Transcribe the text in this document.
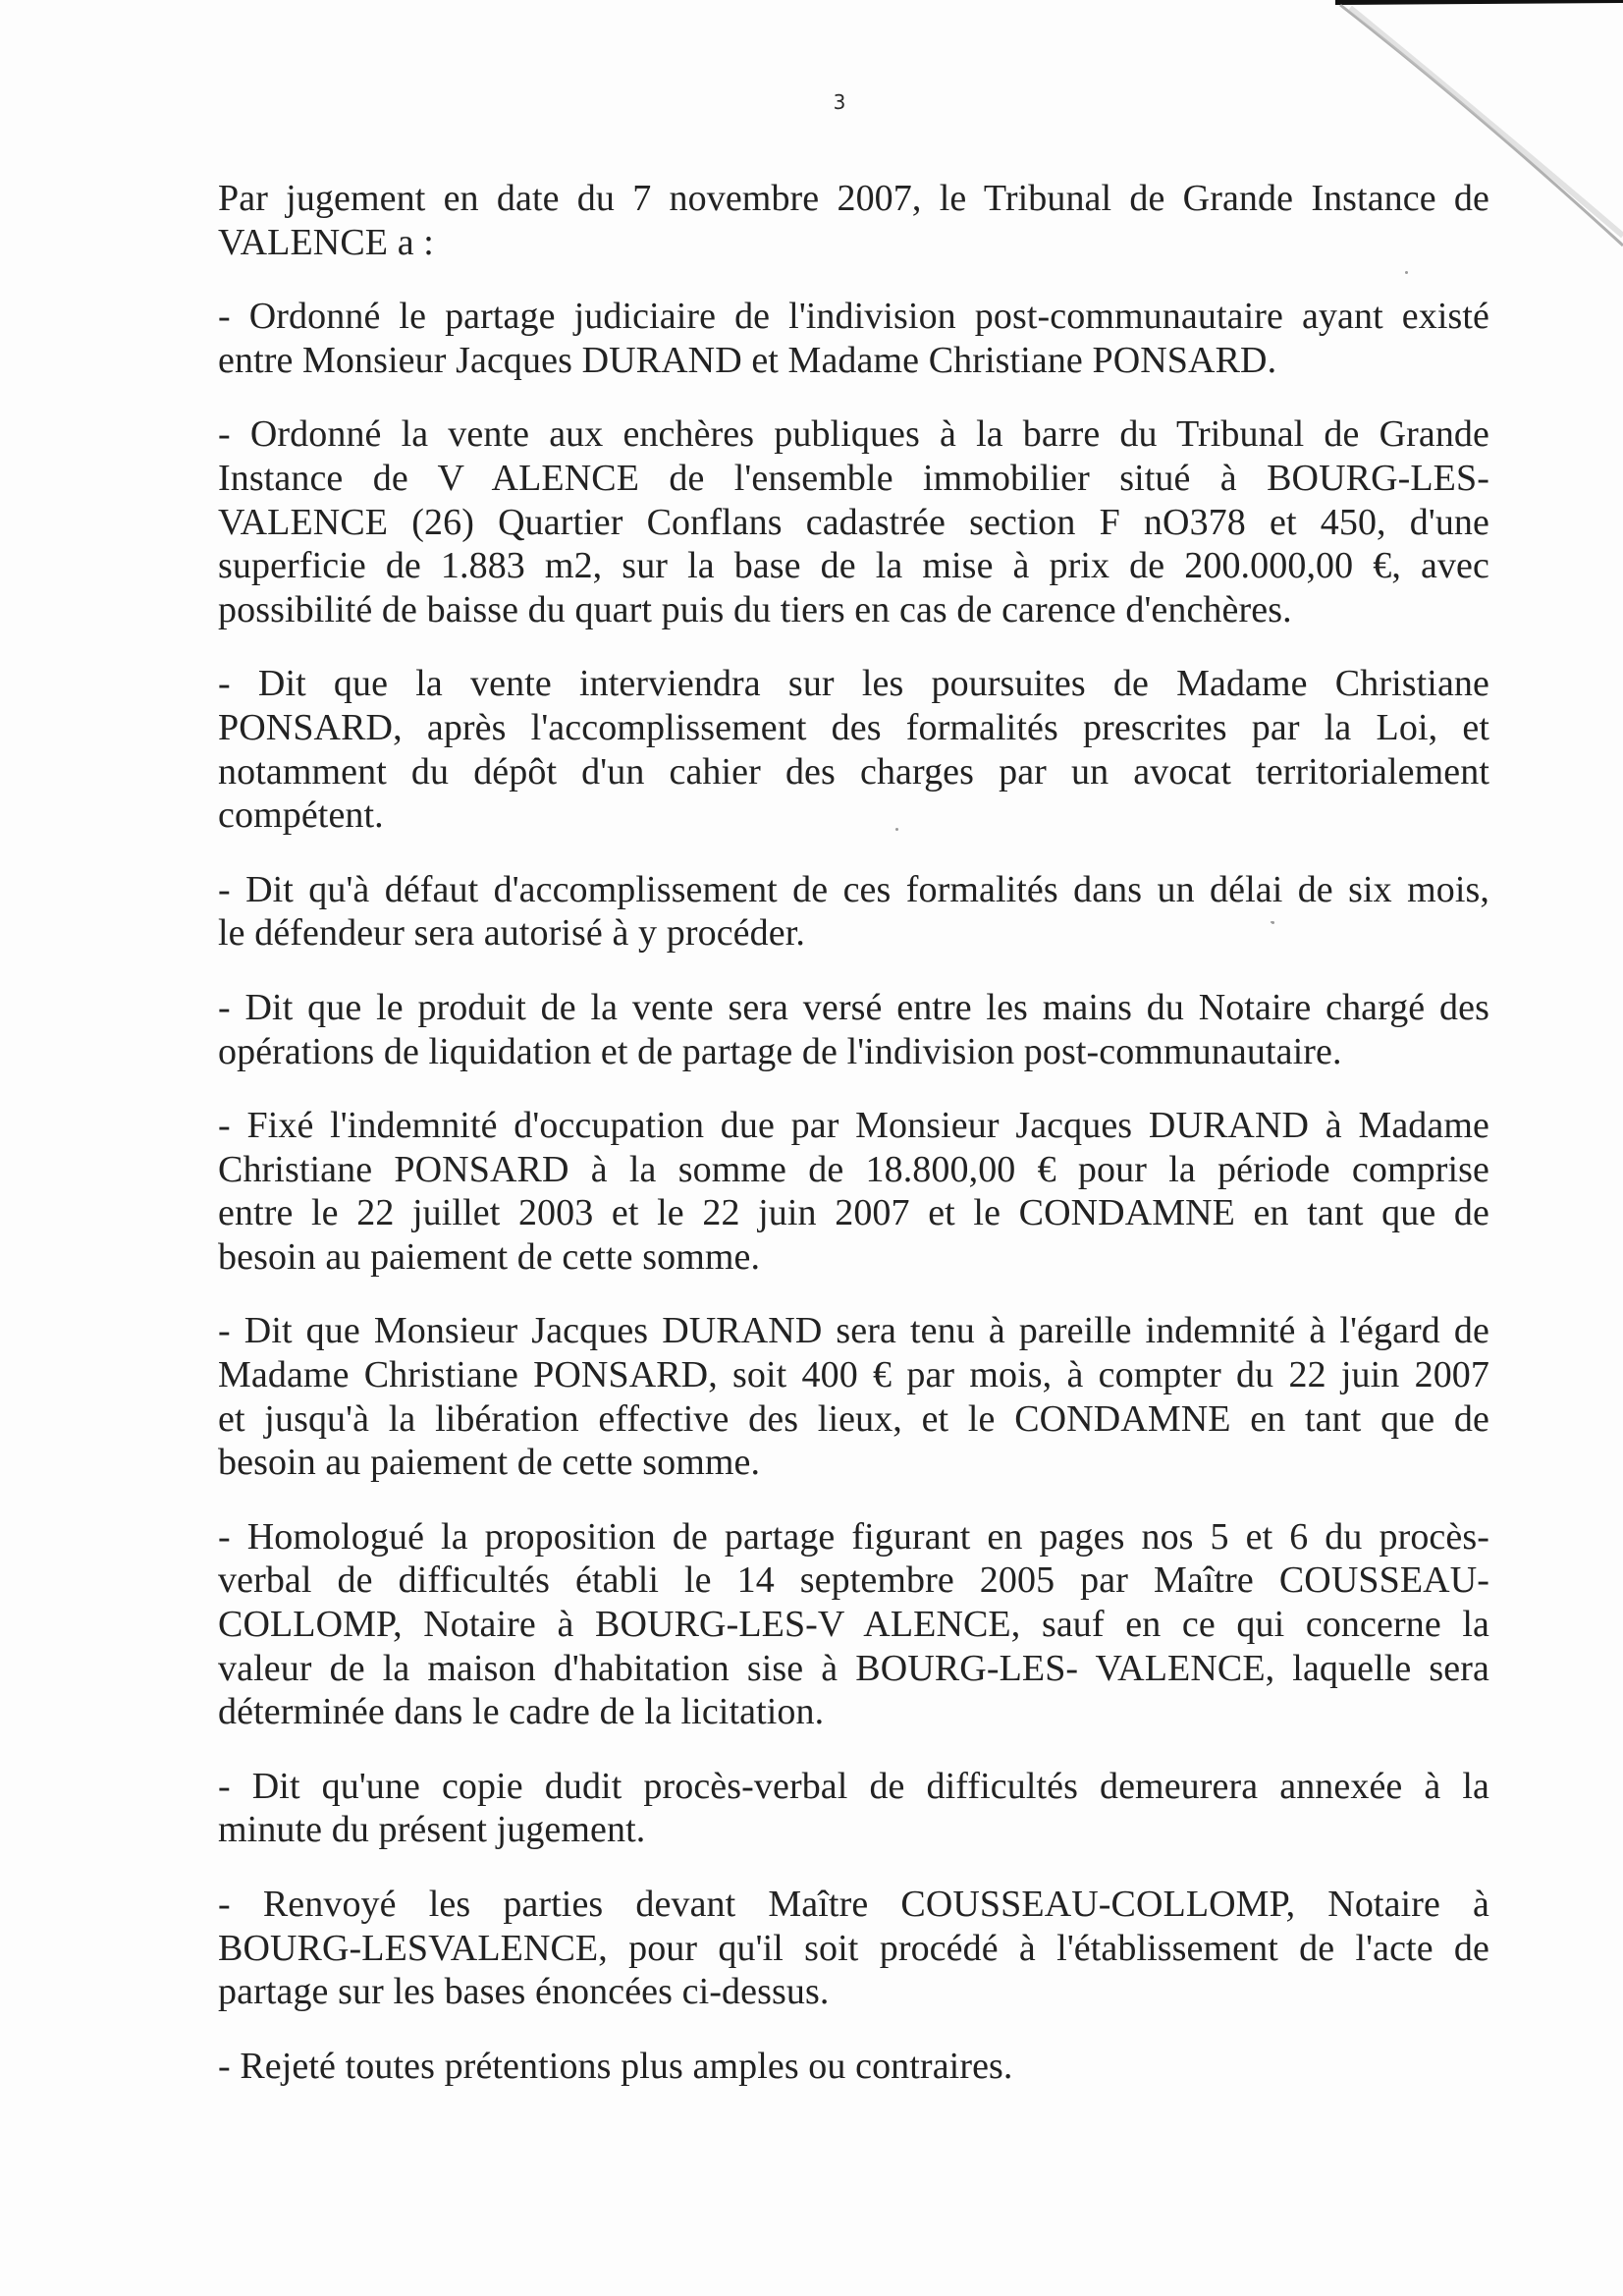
3
Par jugement en date du 7 novembre 2007, le Tribunal de Grande Instance de
VALENCE a :
- Ordonné le partage judiciaire de l'indivision post-communautaire ayant existé
entre Monsieur Jacques DURAND et Madame Christiane PONSARD.
- Ordonné la vente aux enchères publiques à la barre du Tribunal de Grande
Instance de V ALENCE de l'ensemble immobilier situé à BOURG-LES-
VALENCE (26) Quartier Conflans cadastrée section F nO378 et 450, d'une
superficie de 1.883 m2, sur la base de la mise à prix de 200.000,00 €, avec
possibilité de baisse du quart puis du tiers en cas de carence d'enchères.
- Dit que la vente interviendra sur les poursuites de Madame Christiane
PONSARD, après l'accomplissement des formalités prescrites par la Loi, et
notamment du dépôt d'un cahier des charges par un avocat territorialement
compétent.
- Dit qu'à défaut d'accomplissement de ces formalités dans un délai de six mois,
le défendeur sera autorisé à y procéder.
- Dit que le produit de la vente sera versé entre les mains du Notaire chargé des
opérations de liquidation et de partage de l'indivision post-communautaire.
- Fixé l'indemnité d'occupation due par Monsieur Jacques DURAND à Madame
Christiane PONSARD à la somme de 18.800,00 € pour la période comprise
entre le 22 juillet 2003 et le 22 juin 2007 et le CONDAMNE en tant que de
besoin au paiement de cette somme.
- Dit que Monsieur Jacques DURAND sera tenu à pareille indemnité à l'égard de
Madame Christiane PONSARD, soit 400 € par mois, à compter du 22 juin 2007
et jusqu'à la libération effective des lieux, et le CONDAMNE en tant que de
besoin au paiement de cette somme.
- Homologué la proposition de partage figurant en pages nos 5 et 6 du procès-
verbal de difficultés établi le 14 septembre 2005 par Maître COUSSEAU-
COLLOMP, Notaire à BOURG-LES-V ALENCE, sauf en ce qui concerne la
valeur de la maison d'habitation sise à BOURG-LES- VALENCE, laquelle sera
déterminée dans le cadre de la licitation.
- Dit qu'une copie dudit procès-verbal de difficultés demeurera annexée à la
minute du présent jugement.
- Renvoyé les parties devant Maître COUSSEAU-COLLOMP, Notaire à
BOURG-LESVALENCE, pour qu'il soit procédé à l'établissement de l'acte de
partage sur les bases énoncées ci-dessus.
- Rejeté toutes prétentions plus amples ou contraires.
